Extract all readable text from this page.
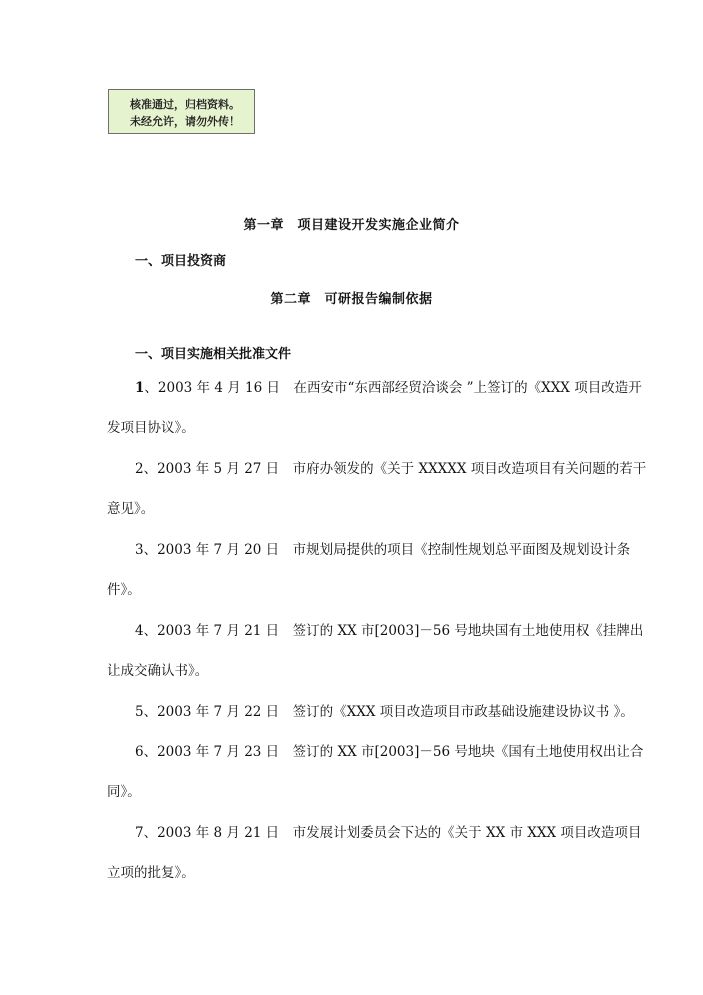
核准通过，归档资料。
未经允许，请勿外传！
第一章　项目建设开发实施企业简介
一、项目投资商
第二章　可研报告编制依据
一、项目实施相关批准文件
1、2003 年 4 月 16 日　在西安市“东西部经贸洽谈会 ”上签订的《XXX 项目改造开发项目协议》。
2、2003 年 5 月 27 日　市府办领发的《关于 XXXXX 项目改造项目有关问题的若干意见》。
3、2003 年 7 月 20 日　市规划局提供的项目《控制性规划总平面图及规划设计条件》。
4、2003 年 7 月 21 日　签订的 XX 市[2003]－56 号地块国有土地使用权《挂牌出让成交确认书》。
5、2003 年 7 月 22 日　签订的《XXX 项目改造项目市政基础设施建设协议书 》。
6、2003 年 7 月 23 日　签订的 XX 市[2003]－56 号地块《国有土地使用权出让合同》。
7、2003 年 8 月 21 日　市发展计划委员会下达的《关于 XX 市 XXX 项目改造项目立项的批复》。
